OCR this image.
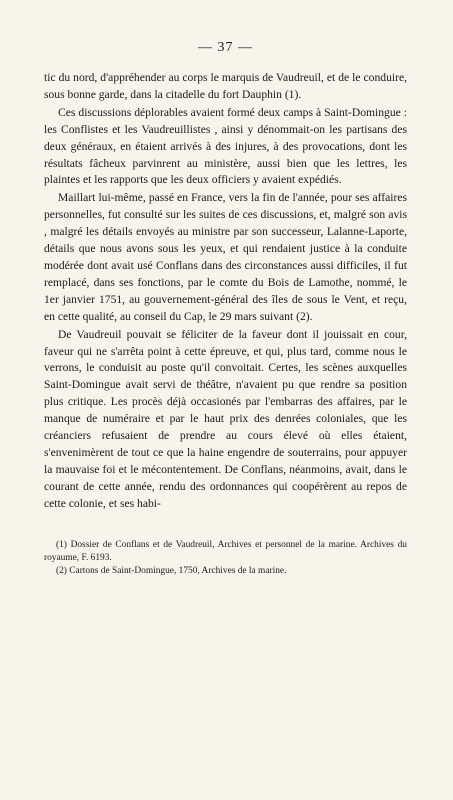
— 37 —

tic du nord, d'appréhender au corps le marquis de Vaudreuil, et de le conduire, sous bonne garde, dans la citadelle du fort Dauphin (1).

Ces discussions déplorables avaient formé deux camps à Saint-Domingue : les Conflistes et les Vaudreuillistes , ainsi y dénommait-on les partisans des deux généraux, en étaient arrivés à des injures, à des provocations, dont les résultats fâcheux parvinrent au ministère, aussi bien que les lettres, les plaintes et les rapports que les deux officiers y avaient expédiés.

Maillart lui-même, passé en France, vers la fin de l'année, pour ses affaires personnelles, fut consulté sur les suites de ces discussions, et, malgré son avis , malgré les détails envoyés au ministre par son successeur, Lalanne-Laporte, détails que nous avons sous les yeux, et qui rendaient justice à la conduite modérée dont avait usé Conflans dans des circonstances aussi difficiles, il fut remplacé, dans ses fonctions, par le comte du Bois de Lamothe, nommé, le 1er janvier 1751, au gouvernement-général des îles de sous le Vent, et reçu, en cette qualité, au conseil du Cap, le 29 mars suivant (2).

De Vaudreuil pouvait se féliciter de la faveur dont il jouissait en cour, faveur qui ne s'arrêta point à cette épreuve, et qui, plus tard, comme nous le verrons, le conduisit au poste qu'il convoitait. Certes, les scènes auxquelles Saint-Domingue avait servi de théâtre, n'avaient pu que rendre sa position plus critique. Les procès déjà occasionés par l'embarras des affaires, par le manque de numéraire et par le haut prix des denrées coloniales, que les créanciers refusaient de prendre au cours élevé où elles étaient, s'envenimèrent de tout ce que la haine engendre de souterrains, pour appuyer la mauvaise foi et le mécontentement. De Conflans, néanmoins, avait, dans le courant de cette année, rendu des ordonnances qui coopérèrent au repos de cette colonie, et ses habi-

(1) Dossier de Conflans et de Vaudreuil, Archives et personnel de la marine. Archives du royaume, F. 6193.

(2) Cartons de Saint-Domingue, 1750, Archives de la marine.
